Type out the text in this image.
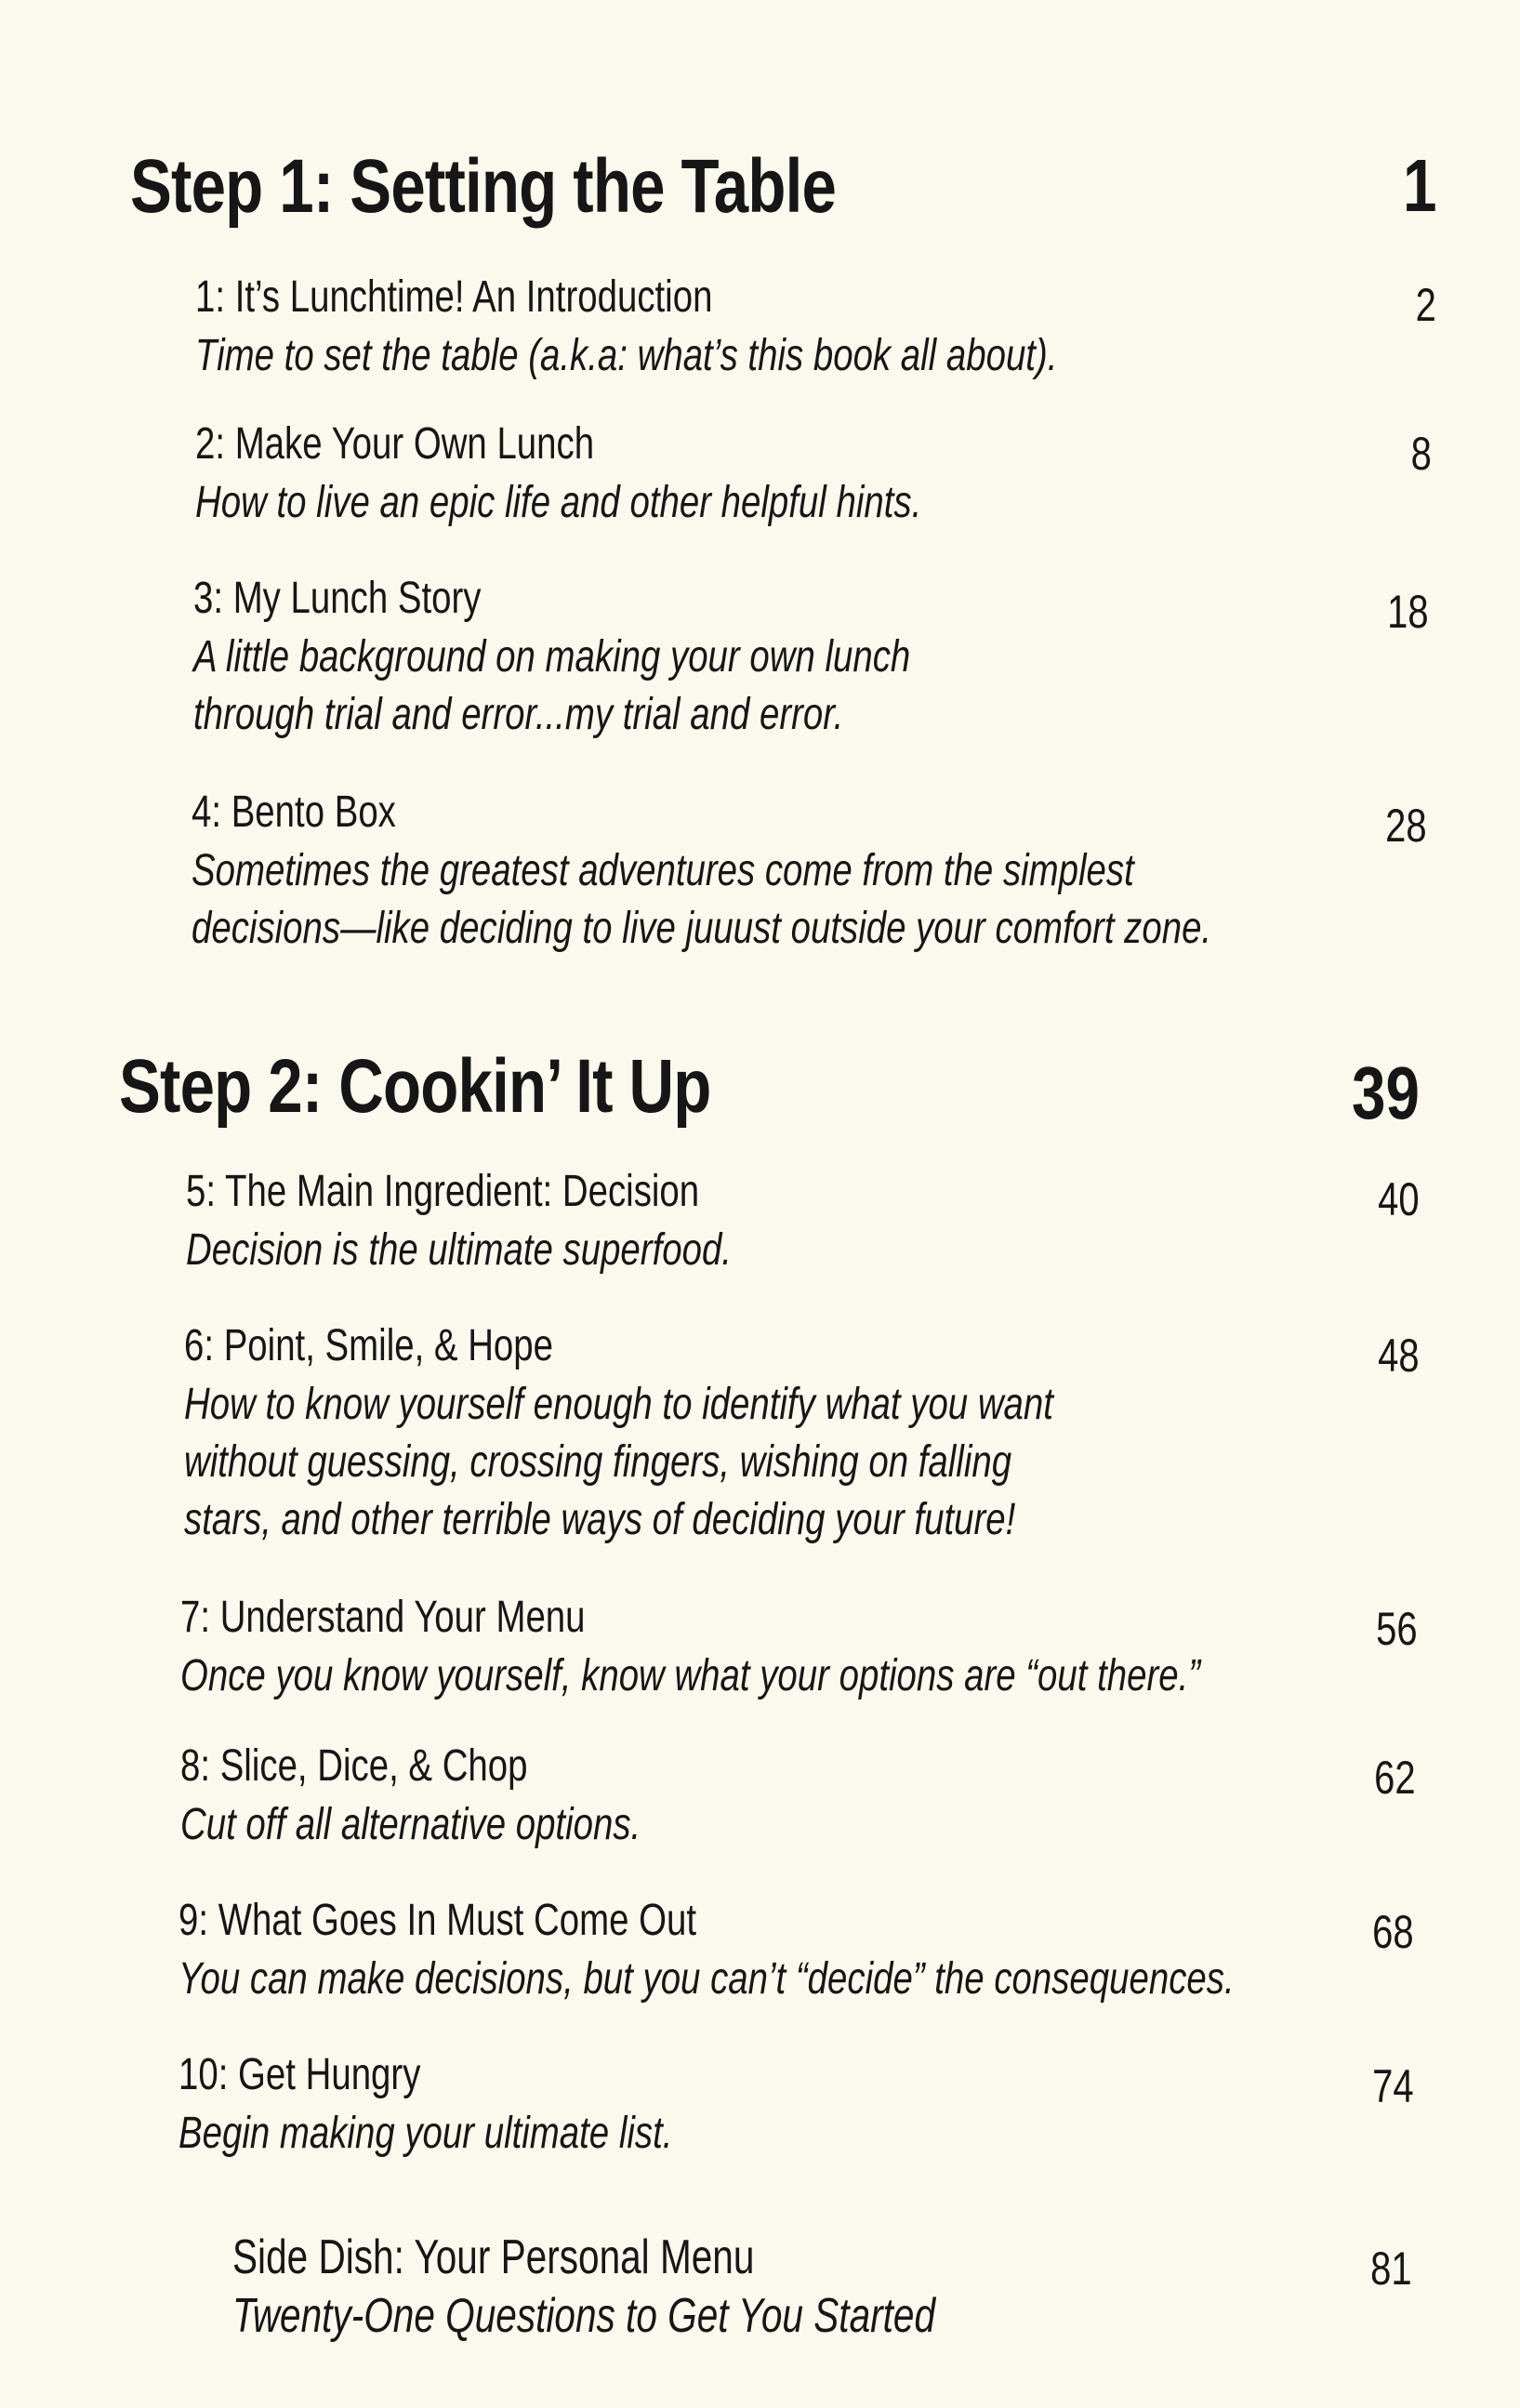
Step 1: Setting the Table	1
1: It’s Lunchtime! An Introduction
Time to set the table (a.k.a: what’s this book all about).
2
2: Make Your Own Lunch
How to live an epic life and other helpful hints.
8
3: My Lunch Story
A little background on making your own lunch
through trial and error...my trial and error.
18
4: Bento Box
Sometimes the greatest adventures come from the simplest
decisions—like deciding to live juuust outside your comfort zone.
28
Step 2: Cookin’ It Up	39
5: The Main Ingredient: Decision
Decision is the ultimate superfood.
40
6: Point, Smile, & Hope
How to know yourself enough to identify what you want
without guessing, crossing fingers, wishing on falling
stars, and other terrible ways of deciding your future!
48
7: Understand Your Menu
Once you know yourself, know what your options are “out there.”
56
8: Slice, Dice, & Chop
Cut off all alternative options.
62
9: What Goes In Must Come Out
You can make decisions, but you can’t “decide” the consequences.
68
10: Get Hungry
Begin making your ultimate list.
74
Side Dish: Your Personal Menu
Twenty-One Questions to Get You Started
81
